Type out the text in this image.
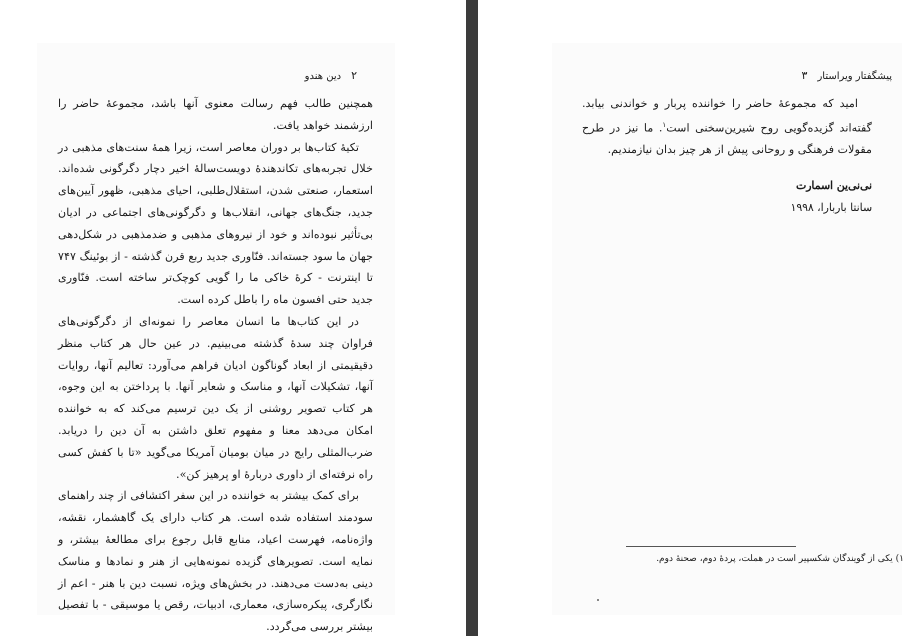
۲
دین هندو

همچنین طالب فهم رسالت معنوی آنها باشد، مجموعهٔ حاضر را ارزشمند خواهد یافت.

تکیهٔ کتاب‌ها بر دوران معاصر است، زیرا همهٔ سنت‌های مذهبی در خلال تجربه‌های تکاندهندهٔ دویست‌سالهٔ اخیر دچار دگرگونی شده‌اند. استعمار، صنعتی شدن، استقلال‌طلبی، احیای مذهبی، ظهور آیین‌های جدید، جنگ‌های جهانی، انقلاب‌ها و دگرگونی‌های اجتماعی در ادیان بی‌تأثیر نبوده‌اند و خود از نیروهای مذهبی و ضدمذهبی در شکل‌دهی جهان ما سود جسته‌اند. فنّاوری جدید ربع قرن گذشته - از بوئینگ ۷۴۷ تا اینترنت - کرهٔ خاکی ما را گویی کوچک‌تر ساخته است. فنّاوری جدید حتی افسون ماه را باطل کرده است.

در این کتاب‌ها ما انسان معاصر را نمونه‌ای از دگرگونی‌های فراوان چند سدهٔ گذشته می‌بینیم. در عین حال هر کتاب منظر دقیقیمتی از ابعاد گوناگون ادیان فراهم می‌آورد: تعالیم آنها، روایات آنها، تشکیلات آنها، و مناسک و شعایر آنها. با پرداختن به این وجوه، هر کتاب تصویر روشنی از یک دین ترسیم می‌کند که به خواننده امکان می‌دهد معنا و مفهوم تعلق داشتن به آن دین را دریابد. ضرب‌المثلی رایج در میان بومیان آمریکا می‌گوید «تا با کفش کسی راه نرفته‌ای از داوری دربارهٔ او پرهیز کن».

برای کمک بیشتر به خواننده در این سفر اکتشافی از چند راهنمای سودمند استفاده شده است. هر کتاب دارای یک گاهشمار، نقشه، واژه‌نامه، فهرست اعیاد، منابع قابل رجوع برای مطالعهٔ بیشتر، و نمایه است. تصویرهای گزیده نمونه‌هایی از هنر و نمادها و مناسک دینی به‌دست می‌دهند. در بخش‌های ویژه، نسبت دین با هنر - اعم از نگارگری، پیکره‌سازی، معماری، ادبیات، رقص یا موسیقی - با تفصیل بیشتر بررسی می‌گردد.

پیشگفتار ویراستار
۳

امید که مجموعهٔ حاضر را خواننده پربار و خواندنی بیابد. گفته‌اند گزیده‌گویی روح شیرین‌سخنی است$^۱$. ما نیز در طرح مقولات فرهنگی و روحانی پیش از هر چیز بدان نیازمندیم.

نی‌نی‌ین اسمارت
سانتا باربارا، ۱۹۹۸
۱) یکی از گویندگان شکسپیر است در هملت، پردهٔ دوم، صحنهٔ دوم.
